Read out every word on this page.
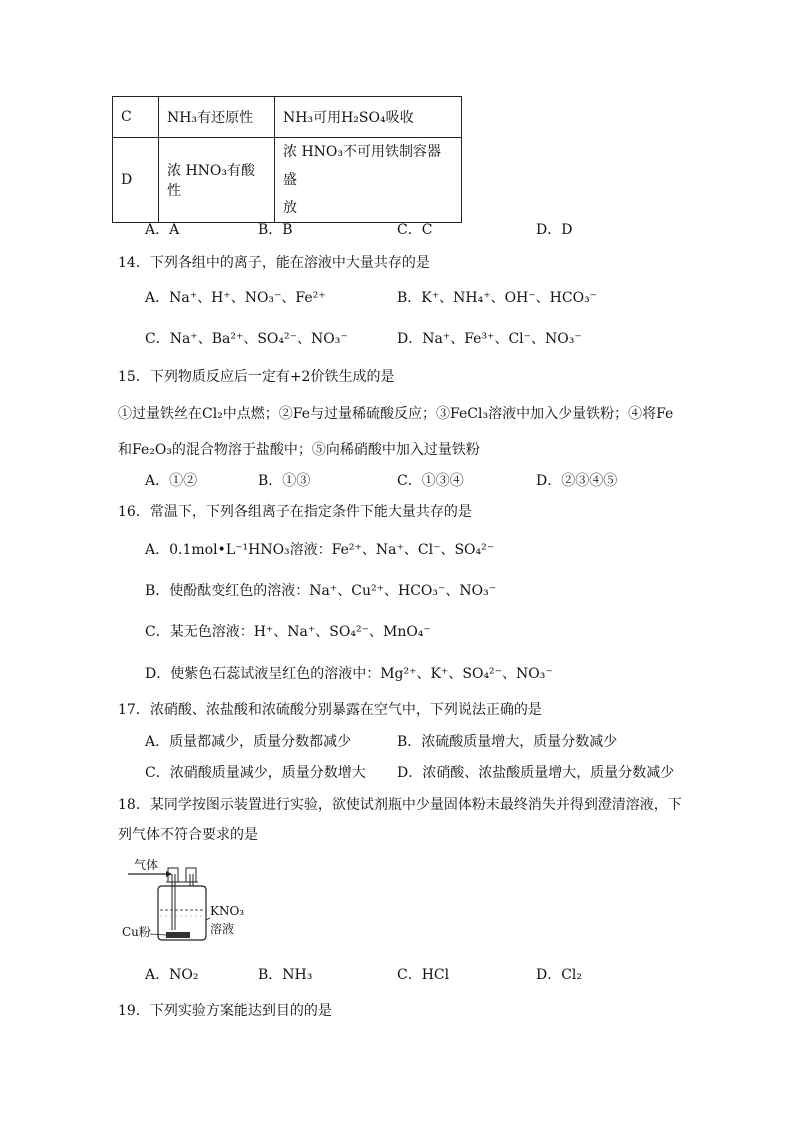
C	NH₃有还原性	NH₃可用H₂SO₄吸收
D	浓 HNO₃有酸性	浓 HNO₃不可用铁制容器盛
放
A．A	B．B	C．C	D．D
14．下列各组中的离子，能在溶液中大量共存的是
A．Na⁺、H⁺、NO₃⁻、Fe²⁺	B．K⁺、NH₄⁺、OH⁻、HCO₃⁻
C．Na⁺、Ba²⁺、SO₄²⁻、NO₃⁻	D．Na⁺、Fe³⁺、Cl⁻、NO₃⁻
15．下列物质反应后一定有+2价铁生成的是
①过量铁丝在Cl₂中点燃；②Fe与过量稀硫酸反应；③FeCl₃溶液中加入少量铁粉；④将Fe
和Fe₂O₃的混合物溶于盐酸中；⑤向稀硝酸中加入过量铁粉
A．①②	B．①③	C．①③④	D．②③④⑤
16．常温下，下列各组离子在指定条件下能大量共存的是
A．0.1mol•L⁻¹HNO₃溶液：Fe²⁺、Na⁺、Cl⁻、SO₄²⁻
B．使酚酞变红色的溶液：Na⁺、Cu²⁺、HCO₃⁻、NO₃⁻
C．某无色溶液：H⁺、Na⁺、SO₄²⁻、MnO₄⁻
D．使紫色石蕊试液呈红色的溶液中：Mg²⁺、K⁺、SO₄²⁻、NO₃⁻
17．浓硝酸、浓盐酸和浓硫酸分别暴露在空气中，下列说法正确的是
A．质量都减少，质量分数都减少	B．浓硫酸质量增大，质量分数减少
C．浓硝酸质量减少，质量分数增大 D．浓硝酸、浓盐酸质量增大，质量分数减少
18．某同学按图示装置进行实验，欲使试剂瓶中少量固体粉末最终消失并得到澄清溶液，下
列气体不符合要求的是
气体
Cu粉
KNO₃
溶液
A．NO₂	B．NH₃	C．HCl	D．Cl₂
19．下列实验方案能达到目的的是
